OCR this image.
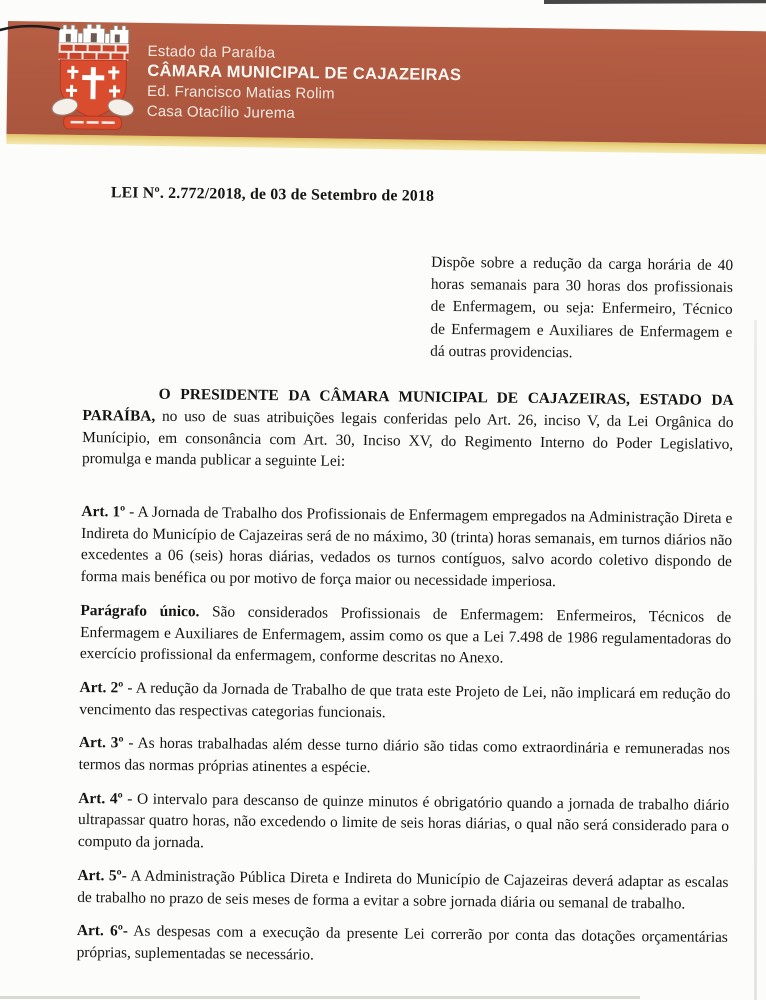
Estado da Paraíba
CÂMARA MUNICIPAL DE CAJAZEIRAS
Ed. Francisco Matias Rolim
Casa Otacílio Jurema

LEI Nº. 2.772/2018, de 03 de Setembro de 2018

Dispõe sobre a redução da carga horária de 40 horas semanais para 30 horas dos profissionais de Enfermagem, ou seja: Enfermeiro, Técnico de Enfermagem e Auxiliares de Enfermagem e dá outras providencias.

O PRESIDENTE DA CÂMARA MUNICIPAL DE CAJAZEIRAS, ESTADO DA PARAÍBA, no uso de suas atribuições legais conferidas pelo Art. 26, inciso V, da Lei Orgânica do Munícipio, em consonância com Art. 30, Inciso XV, do Regimento Interno do Poder Legislativo, promulga e manda publicar a seguinte Lei:

Art. 1º - A Jornada de Trabalho dos Profissionais de Enfermagem empregados na Administração Direta e Indireta do Município de Cajazeiras será de no máximo, 30 (trinta) horas semanais, em turnos diários não excedentes a 06 (seis) horas diárias, vedados os turnos contíguos, salvo acordo coletivo dispondo de forma mais benéfica ou por motivo de força maior ou necessidade imperiosa.

Parágrafo único. São considerados Profissionais de Enfermagem: Enfermeiros, Técnicos de Enfermagem e Auxiliares de Enfermagem, assim como os que a Lei 7.498 de 1986 regulamentadoras do exercício profissional da enfermagem, conforme descritas no Anexo.

Art. 2º - A redução da Jornada de Trabalho de que trata este Projeto de Lei, não implicará em redução do vencimento das respectivas categorias funcionais.

Art. 3º - As horas trabalhadas além desse turno diário são tidas como extraordinária e remuneradas nos termos das normas próprias atinentes a espécie.

Art. 4º - O intervalo para descanso de quinze minutos é obrigatório quando a jornada de trabalho diário ultrapassar quatro horas, não excedendo o limite de seis horas diárias, o qual não será considerado para o computo da jornada.

Art. 5º- A Administração Pública Direta e Indireta do Município de Cajazeiras deverá adaptar as escalas de trabalho no prazo de seis meses de forma a evitar a sobre jornada diária ou semanal de trabalho.

Art. 6º- As despesas com a execução da presente Lei correrão por conta das dotações orçamentárias próprias, suplementadas se necessário.
